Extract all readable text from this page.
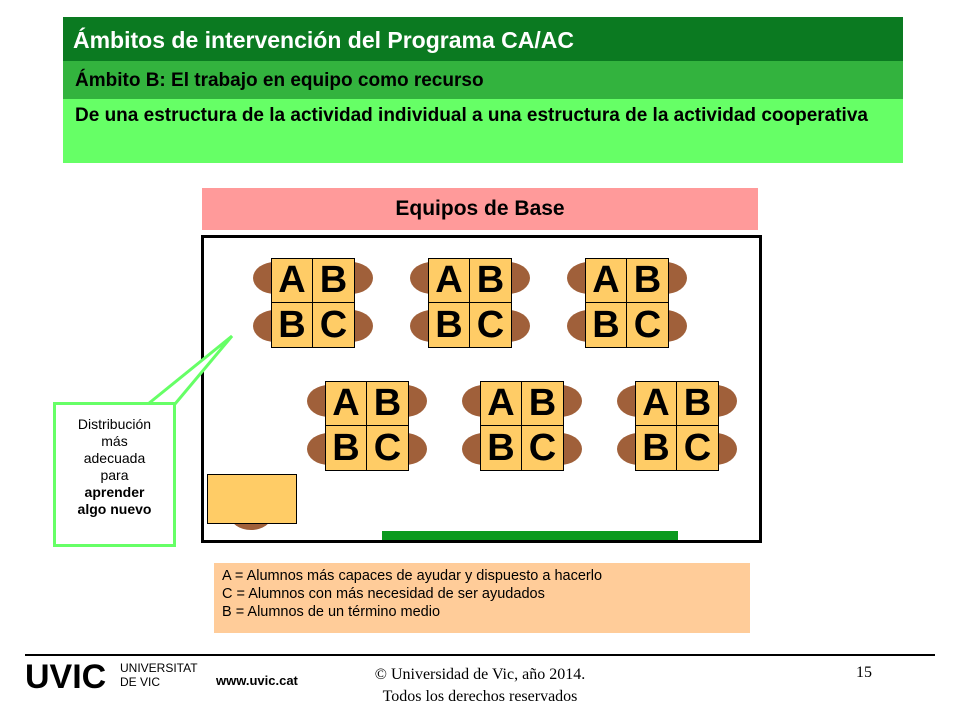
Ámbitos de intervención del Programa CA/AC
Ámbito B: El trabajo en equipo como recurso
De una estructura de la actividad individual a una estructura de la actividad cooperativa
Equipos de Base
A B
B C
A B
B C
A B
B C
A B
B C
A B
B C
A B
B C
Distribución
más
adecuada
para
aprender
algo nuevo
A = Alumnos más capaces de ayudar y dispuesto a hacerlo
C = Alumnos con más necesidad de ser ayudados
B = Alumnos de un término medio
UVIC UNIVERSITAT
DE VIC	www.uvic.cat	© Universidad de Vic, año 2014.
Todos los derechos reservados
15
